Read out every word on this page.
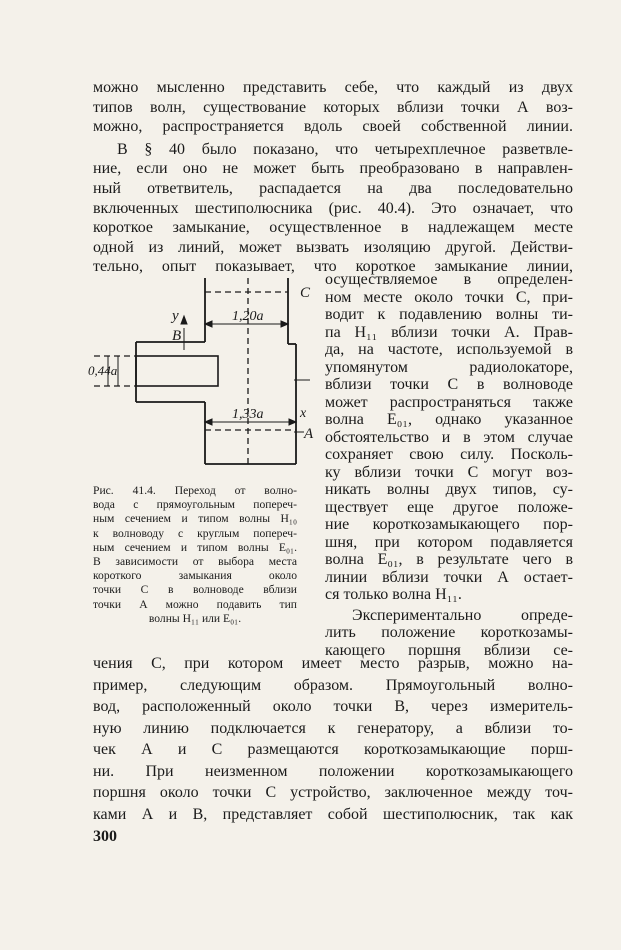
можно мысленно представить себе, что каждый из двух
типов волн, существование которых вблизи точки А воз-
можно, распространяется вдоль своей собственной линии.
В § 40 было показано, что четырехплечное разветвле-
ние, если оно не может быть преобразовано в направлен-
ный ответвитель, распадается на два последовательно
включенных шестиполюсника (рис. 40.4). Это означает, что
короткое замыкание, осуществленное в надлежащем месте
одной из линий, может вызвать изоляцию другой. Действи-
тельно, опыт показывает, что короткое замыкание линии,
осуществляемое в определен-
ном месте около точки С, при-
водит к подавлению волны ти-
па H₁₁ вблизи точки А. Прав-
да, на частоте, используемой в
упомянутом радиолокаторе,
вблизи точки С в волноводе
может распространяться также
волна E₀₁, однако указанное
обстоятельство и в этом случае
сохраняет свою силу. Посколь-
ку вблизи точки С могут воз-
никать волны двух типов, су-
ществует еще другое положе-
ние короткозамыкающего пор-
шня, при котором подавляется
волна E₀₁, в результате чего в
линии вблизи точки А остает-
ся только волна H₁₁.
Экспериментально опреде-
лить положение короткозамы-
кающего поршня вблизи се-
чения С, при котором имеет место разрыв, можно на-
пример, следующим образом. Прямоугольный волно-
вод, расположенный около точки В, через измеритель-
ную линию подключается к генератору, а вблизи то-
чек А и С размещаются короткозамыкающие порш-
ни. При неизменном положении короткозамыкающего
поршня около точки С устройство, заключенное между точ-
ками А и В, представляет собой шестиполюсник, так как
C
y
B
1,20a
1,33a
0,44a
x
A
Рис. 41.4. Переход от волно-
вода с прямоугольным попереч-
ным сечением и типом волны H₁₀
к волноводу с круглым попереч-
ным сечением и типом волны E₀₁.
В зависимости от выбора места
короткого замыкания около
точки С в волноводе вблизи
точки А можно подавить тип
волны H₁₁ или E₀₁.
300
